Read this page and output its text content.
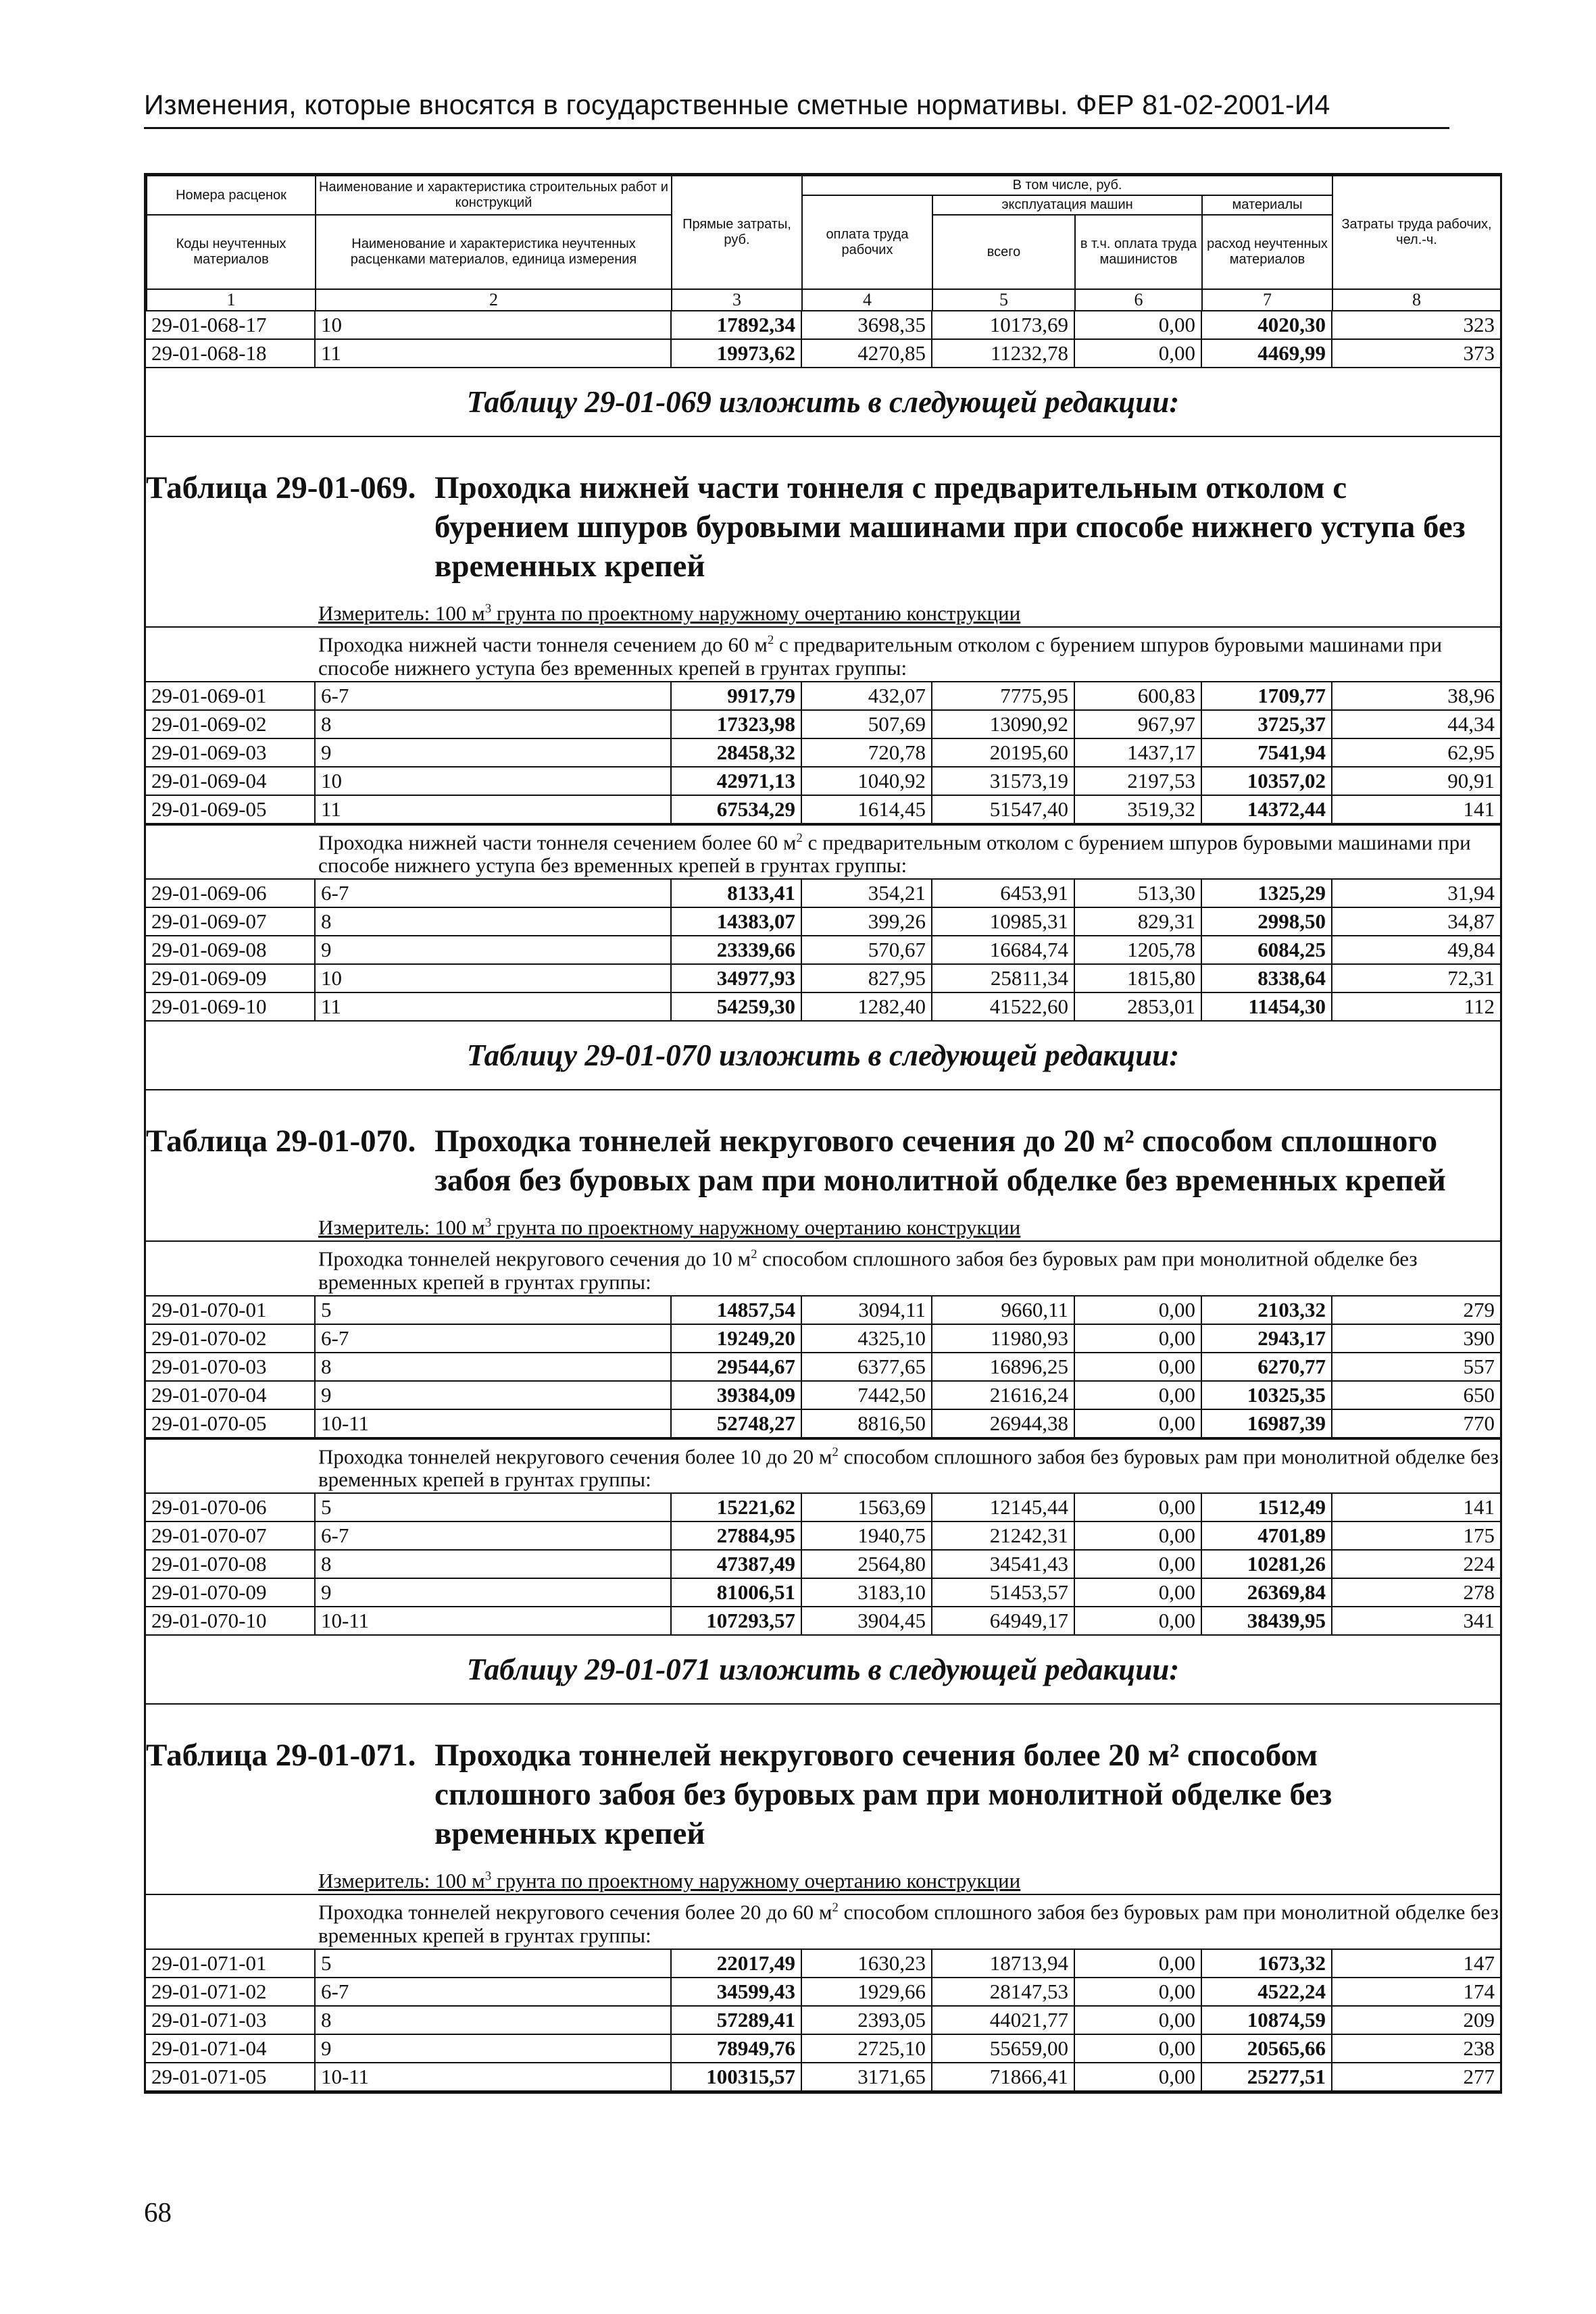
Изменения, которые вносятся в государственные сметные нормативы. ФЕР 81-02-2001-И4
Номера расценок	Наименование и характеристика строительных работ и конструкций	Прямые затраты, руб.	В том числе, руб.				Затраты труда рабочих, чел.-ч.
			оплата труда рабочих	эксплуатация машин		материалы	
Коды неучтенных материалов	Наименование и характеристика неучтенных расценками материалов, единица измерения			всего	в т.ч. оплата труда машинистов	расход неучтенных материалов	

1	2	3	4	5	6	7	8
29-01-068-17	10	17892,34	3698,35	10173,69	0,00	4020,30	323
29-01-068-18	11	19973,62	4270,85	11232,78	0,00	4469,99	373
Таблицу 29-01-069 изложить в следующей редакции:
Таблица 29-01-069. Проходка нижней части тоннеля с предварительным отколом с
бурением шпуров буровыми машинами при способе нижнего уступа без временных крепей
Измеритель: 100 $м^3$ грунта по проектному наружному очертанию конструкции
Проходка нижней части тоннеля сечением до 60 $м^2$ с предварительным отколом с бурением шпуров буровыми машинами при способе нижнего уступа без временных крепей в грунтах группы:
29-01-069-01	6-7	9917,79	432,07	7775,95	600,83	1709,77	38,96
29-01-069-02	8	17323,98	507,69	13090,92	967,97	3725,37	44,34
29-01-069-03	9	28458,32	720,78	20195,60	1437,17	7541,94	62,95
29-01-069-04	10	42971,13	1040,92	31573,19	2197,53	10357,02	90,91
29-01-069-05	11	67534,29	1614,45	51547,40	3519,32	14372,44	141
Проходка нижней части тоннеля сечением более 60 $м^2$ с предварительным отколом с бурением шпуров буровыми машинами при способе нижнего уступа без временных крепей в грунтах группы:
29-01-069-06	6-7	8133,41	354,21	6453,91	513,30	1325,29	31,94
29-01-069-07	8	14383,07	399,26	10985,31	829,31	2998,50	34,87
29-01-069-08	9	23339,66	570,67	16684,74	1205,78	6084,25	49,84
29-01-069-09	10	34977,93	827,95	25811,34	1815,80	8338,64	72,31
29-01-069-10	11	54259,30	1282,40	41522,60	2853,01	11454,30	112
Таблицу 29-01-070 изложить в следующей редакции:
Таблица 29-01-070. Проходка тоннелей некругового сечения до 20 м² способом сплошного
забоя без буровых рам при монолитной обделке без временных крепей
Измеритель: 100 $м^3$ грунта по проектному наружному очертанию конструкции
Проходка тоннелей некругового сечения до 10 $м^2$ способом сплошного забоя без буровых рам при монолитной обделке без временных крепей в грунтах группы:
29-01-070-01	5	14857,54	3094,11	9660,11	0,00	2103,32	279
29-01-070-02	6-7	19249,20	4325,10	11980,93	0,00	2943,17	390
29-01-070-03	8	29544,67	6377,65	16896,25	0,00	6270,77	557
29-01-070-04	9	39384,09	7442,50	21616,24	0,00	10325,35	650
29-01-070-05	10-11	52748,27	8816,50	26944,38	0,00	16987,39	770
Проходка тоннелей некругового сечения более 10 до 20 $м^2$ способом сплошного забоя без буровых рам при монолитной обделке без временных крепей в грунтах группы:
29-01-070-06	5	15221,62	1563,69	12145,44	0,00	1512,49	141
29-01-070-07	6-7	27884,95	1940,75	21242,31	0,00	4701,89	175
29-01-070-08	8	47387,49	2564,80	34541,43	0,00	10281,26	224
29-01-070-09	9	81006,51	3183,10	51453,57	0,00	26369,84	278
29-01-070-10	10-11	107293,57	3904,45	64949,17	0,00	38439,95	341
Таблицу 29-01-071 изложить в следующей редакции:
Таблица 29-01-071. Проходка тоннелей некругового сечения более 20 м² способом
сплошного забоя без буровых рам при монолитной обделке без временных крепей
Измеритель: 100 $м^3$ грунта по проектному наружному очертанию конструкции
Проходка тоннелей некругового сечения более 20 до 60 $м^2$ способом сплошного забоя без буровых рам при монолитной обделке без временных крепей в грунтах группы:
29-01-071-01	5	22017,49	1630,23	18713,94	0,00	1673,32	147
29-01-071-02	6-7	34599,43	1929,66	28147,53	0,00	4522,24	174
29-01-071-03	8	57289,41	2393,05	44021,77	0,00	10874,59	209
29-01-071-04	9	78949,76	2725,10	55659,00	0,00	20565,66	238
29-01-071-05	10-11	100315,57	3171,65	71866,41	0,00	25277,51	277
68
